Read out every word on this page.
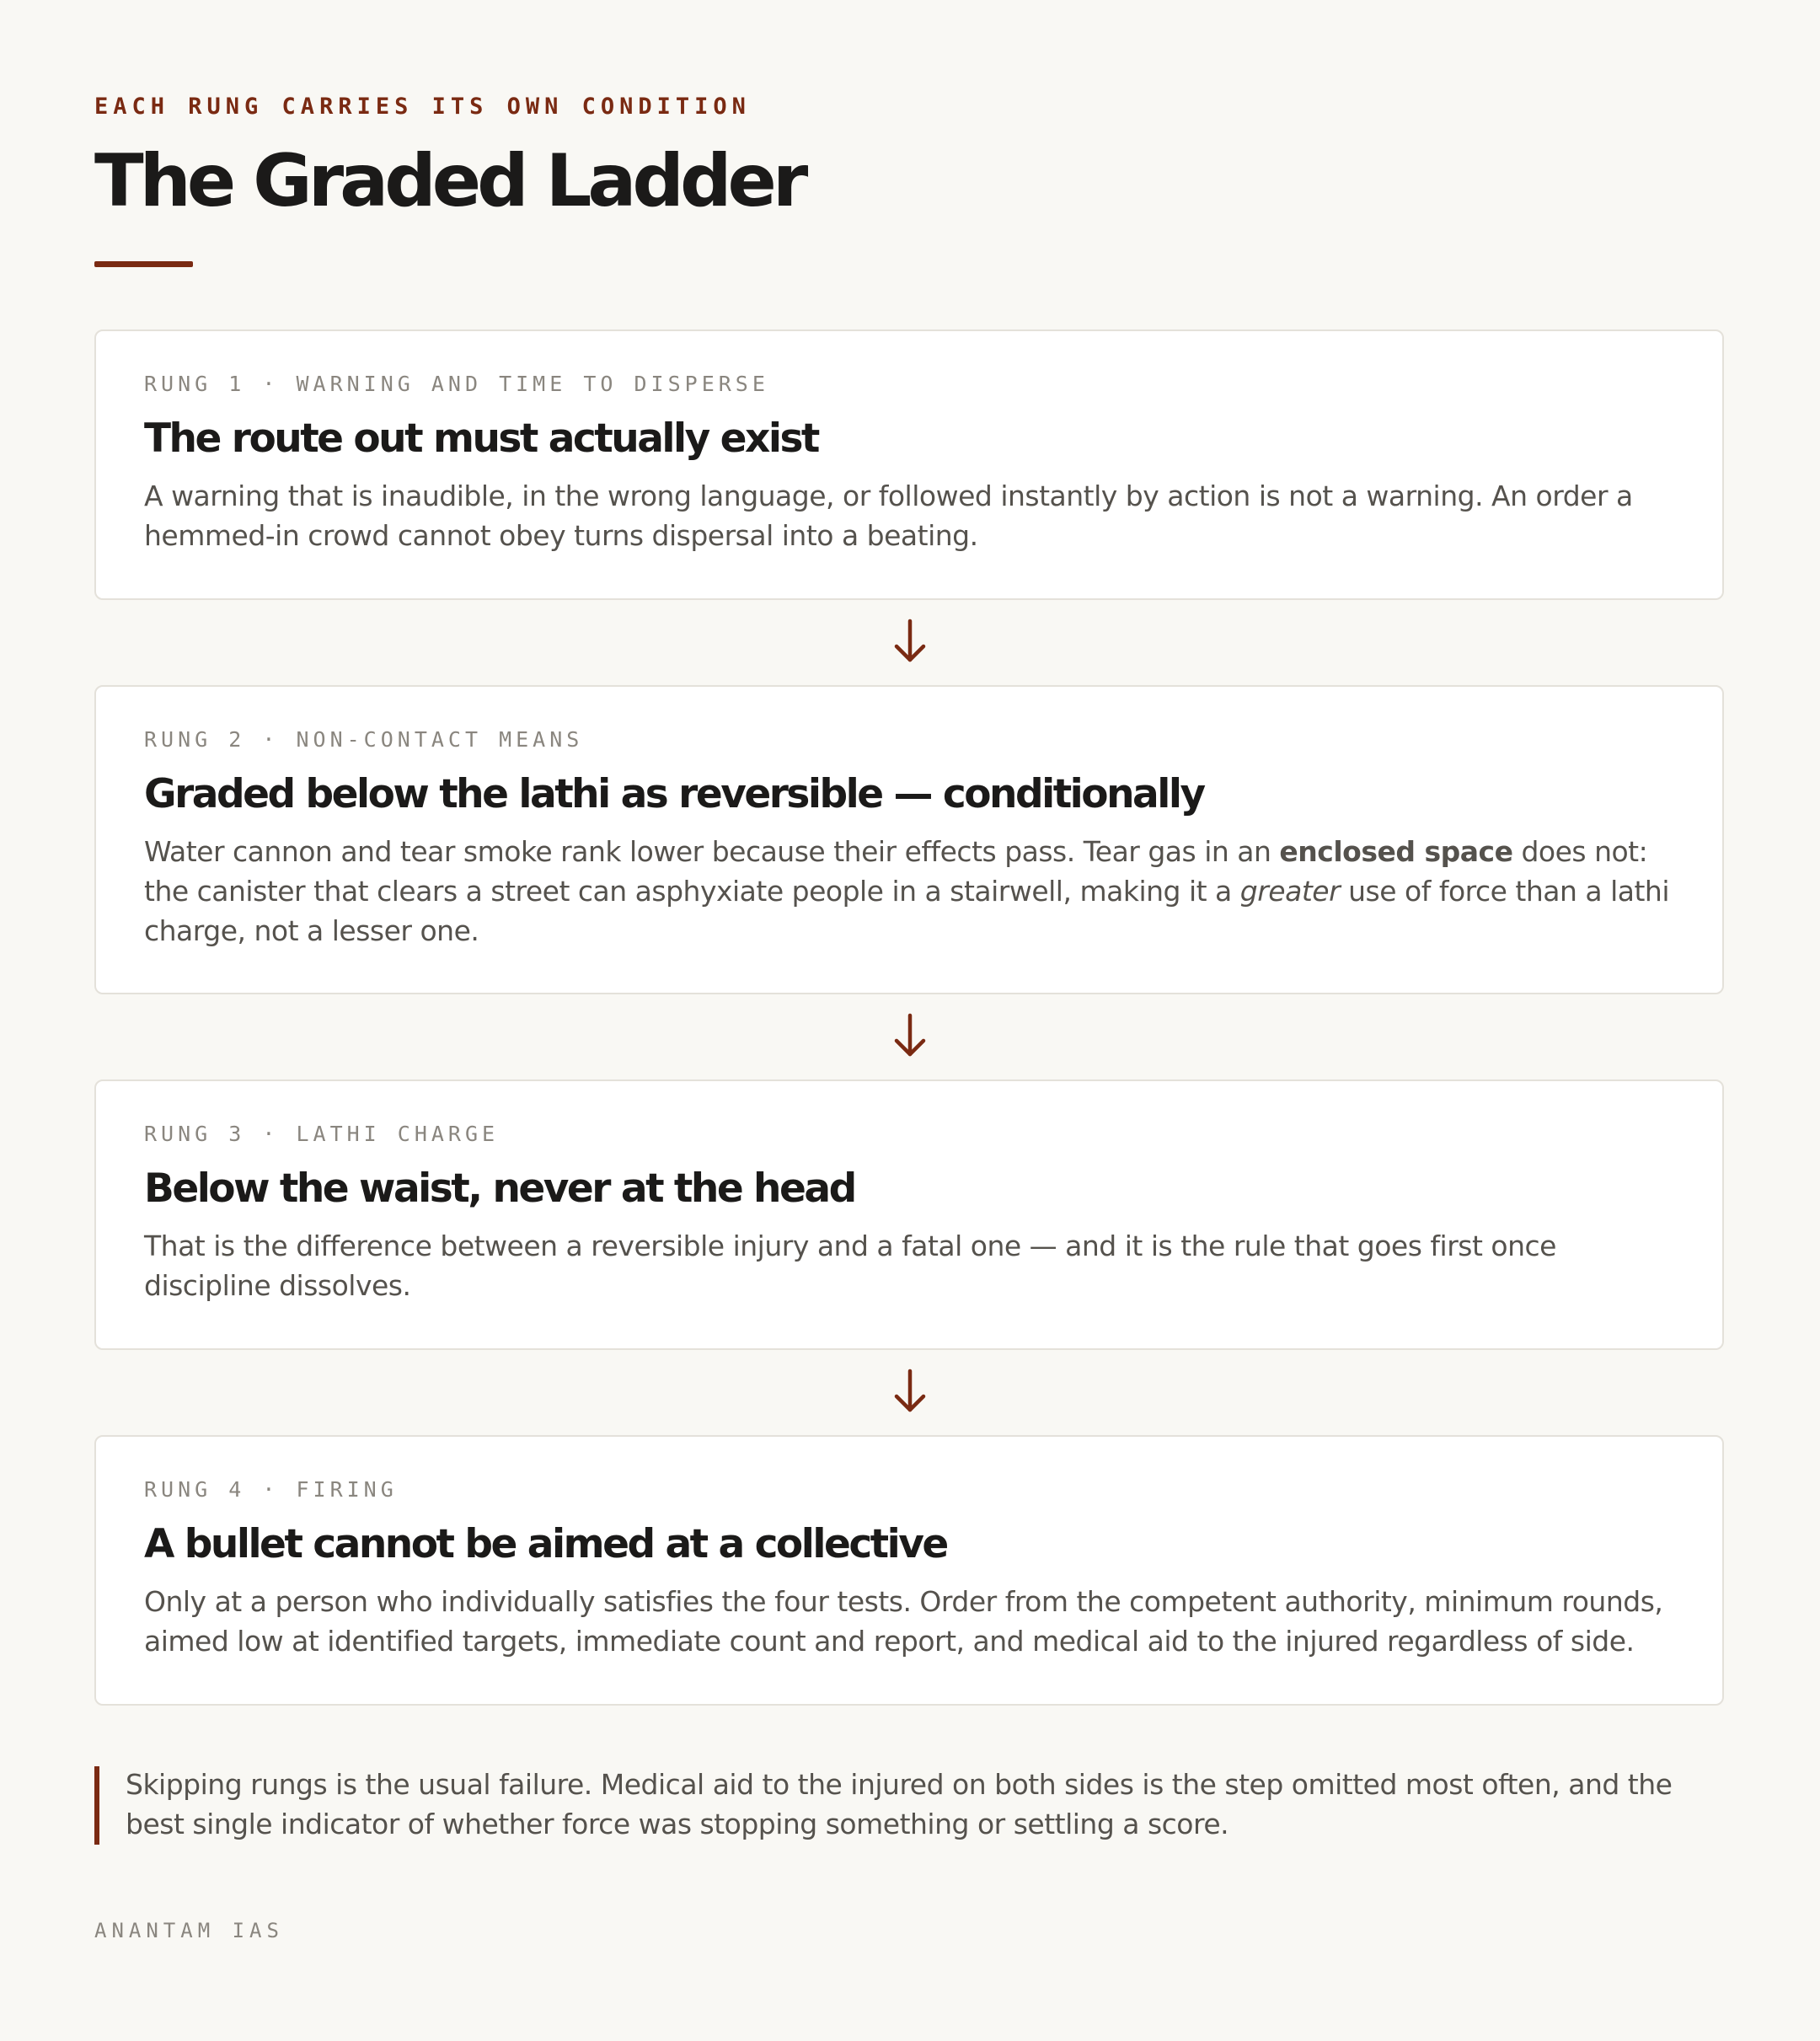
EACH RUNG CARRIES ITS OWN CONDITION
The Graded Ladder
RUNG 1 · WARNING AND TIME TO DISPERSE
The route out must actually exist

A warning that is inaudible, in the wrong language, or followed instantly by action is not a warning. An order a hemmed-in crowd cannot obey turns dispersal into a beating.

RUNG 2 · NON-CONTACT MEANS
Graded below the lathi as reversible — conditionally

Water cannon and tear smoke rank lower because their effects pass. Tear gas in an enclosed space does not: the canister that clears a street can asphyxiate people in a stairwell, making it a greater use of force than a lathi charge, not a lesser one.

RUNG 3 · LATHI CHARGE
Below the waist, never at the head

That is the difference between a reversible injury and a fatal one — and it is the rule that goes first once discipline dissolves.

RUNG 4 · FIRING
A bullet cannot be aimed at a collective

Only at a person who individually satisfies the four tests. Order from the competent authority, minimum rounds, aimed low at identified targets, immediate count and report, and medical aid to the injured regardless of side.

Skipping rungs is the usual failure. Medical aid to the injured on both sides is the step omitted most often, and the best single indicator of whether force was stopping something or settling a score.

ANANTAM IAS
